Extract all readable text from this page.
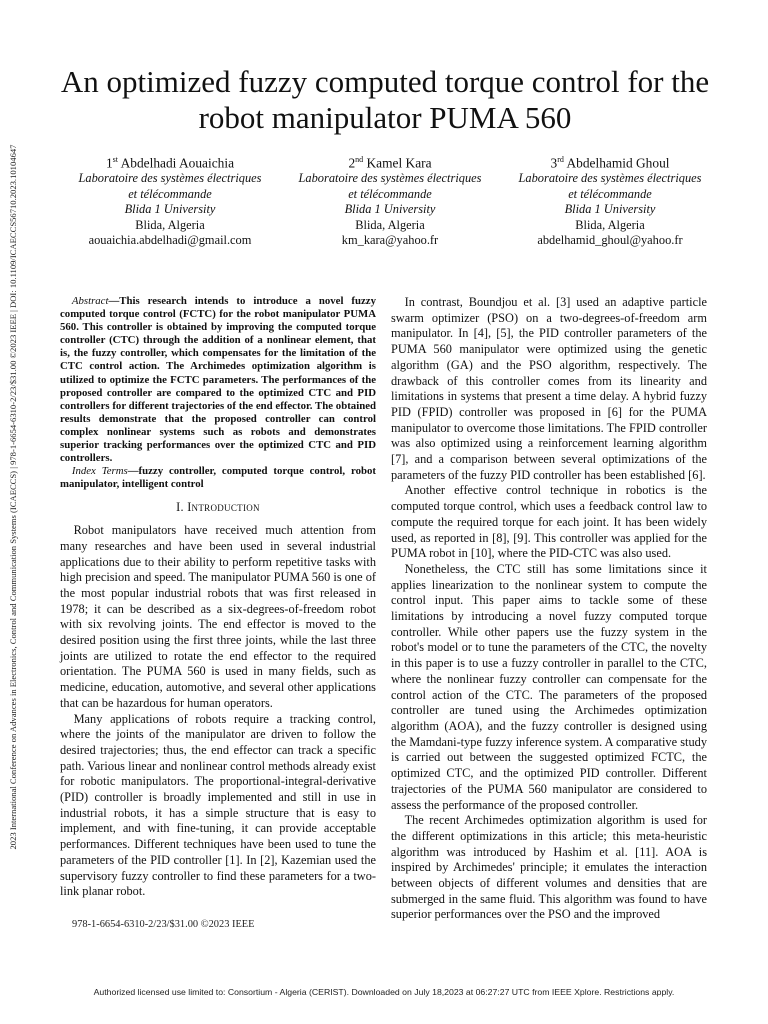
2023 International Conference on Advances in Electronics, Control and Communication Systems (ICAECCS) | 978-1-6654-6310-2/23/$31.00 ©2023 IEEE | DOI: 10.1109/ICAECCS56710.2023.10104647
An optimized fuzzy computed torque control for the robot manipulator PUMA 560
1st Abdelhadi Aouaichia
Laboratoire des systèmes électriques
et télécommande
Blida 1 University
Blida, Algeria
aouaichia.abdelhadi@gmail.com
2nd Kamel Kara
Laboratoire des systèmes électriques
et télécommande
Blida 1 University
Blida, Algeria
km_kara@yahoo.fr
3rd Abdelhamid Ghoul
Laboratoire des systèmes électriques
et télécommande
Blida 1 University
Blida, Algeria
abdelhamid_ghoul@yahoo.fr
Abstract—This research intends to introduce a novel fuzzy computed torque control (FCTC) for the robot manipulator PUMA 560. This controller is obtained by improving the computed torque controller (CTC) through the addition of a nonlinear element, that is, the fuzzy controller, which compensates for the limitation of the CTC control action. The Archimedes optimization algorithm is utilized to optimize the FCTC parameters. The performances of the proposed controller are compared to the optimized CTC and PID controllers for different trajectories of the end effector. The obtained results demonstrate that the proposed controller can control complex nonlinear systems such as robots and demonstrates superior tracking performances over the optimized CTC and PID controllers.
Index Terms—fuzzy controller, computed torque control, robot manipulator, intelligent control
I. Introduction

Robot manipulators have received much attention from many researches and have been used in several industrial applications due to their ability to perform repetitive tasks with high precision and speed. The manipulator PUMA 560 is one of the most popular industrial robots that was first released in 1978; it can be described as a six-degrees-of-freedom robot with six revolving joints. The end effector is moved to the desired position using the first three joints, while the last three joints are utilized to rotate the end effector to the required orientation. The PUMA 560 is used in many fields, such as medicine, education, automotive, and several other applications that can be hazardous for human operators.

Many applications of robots require a tracking control, where the joints of the manipulator are driven to follow the desired trajectories; thus, the end effector can track a specific path. Various linear and nonlinear control methods already exist for robotic manipulators. The proportional-integral-derivative (PID) controller is broadly implemented and still in use in industrial robots, it has a simple structure that is easy to implement, and with fine-tuning, it can provide acceptable performances. Different techniques have been used to tune the parameters of the PID controller [1]. In [2], Kazemian used the supervisory fuzzy controller to find these parameters for a two-link planar robot.

In contrast, Boundjou et al. [3] used an adaptive particle swarm optimizer (PSO) on a two-degrees-of-freedom arm manipulator. In [4], [5], the PID controller parameters of the PUMA 560 manipulator were optimized using the genetic algorithm (GA) and the PSO algorithm, respectively. The drawback of this controller comes from its linearity and limitations in systems that present a time delay. A hybrid fuzzy PID (FPID) controller was proposed in [6] for the PUMA manipulator to overcome those limitations. The FPID controller was also optimized using a reinforcement learning algorithm [7], and a comparison between several optimizations of the parameters of the fuzzy PID controller has been established [6].

Another effective control technique in robotics is the computed torque control, which uses a feedback control law to compute the required torque for each joint. It has been widely used, as reported in [8], [9]. This controller was applied for the PUMA robot in [10], where the PID-CTC was also used.

Nonetheless, the CTC still has some limitations since it applies linearization to the nonlinear system to compute the control input. This paper aims to tackle some of these limitations by introducing a novel fuzzy computed torque controller. While other papers use the fuzzy system in the robot's model or to tune the parameters of the CTC, the novelty in this paper is to use a fuzzy controller in parallel to the CTC, where the nonlinear fuzzy controller can compensate for the control action of the CTC. The parameters of the proposed controller are tuned using the Archimedes optimization algorithm (AOA), and the fuzzy controller is designed using the Mamdani-type fuzzy inference system. A comparative study is carried out between the suggested optimized FCTC, the optimized CTC, and the optimized PID controller. Different trajectories of the PUMA 560 manipulator are considered to assess the performance of the proposed controller.

The recent Archimedes optimization algorithm is used for the different optimizations in this article; this meta-heuristic algorithm was introduced by Hashim et al. [11]. AOA is inspired by Archimedes' principle; it emulates the interaction between objects of different volumes and densities that are submerged in the same fluid. This algorithm was found to have superior performances over the PSO and the improved

978-1-6654-6310-2/23/$31.00 ©2023 IEEE
Authorized licensed use limited to: Consortium - Algeria (CERIST). Downloaded on July 18,2023 at 06:27:27 UTC from IEEE Xplore. Restrictions apply.
